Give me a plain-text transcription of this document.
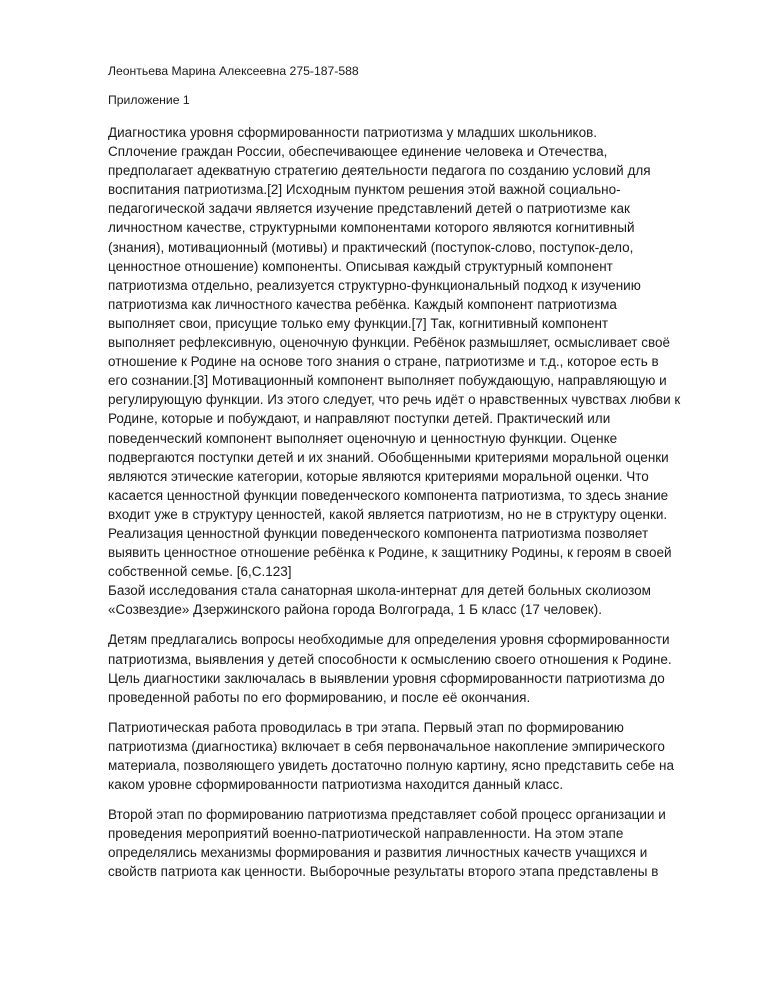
Леонтьева Марина Алексеевна 275-187-588

Приложение 1

Диагностика уровня сформированности патриотизма у младших школьников.
Сплочение граждан России, обеспечивающее единение человека и Отечества,
предполагает адекватную стратегию деятельности педагога по созданию условий для
воспитания патриотизма.[2] Исходным пунктом решения этой важной социально-
педагогической задачи является изучение представлений детей о патриотизме как
личностном качестве, структурными компонентами которого являются когнитивный
(знания), мотивационный (мотивы) и практический (поступок-слово, поступок-дело,
ценностное отношение) компоненты. Описывая каждый структурный компонент
патриотизма отдельно, реализуется структурно-функциональный подход к изучению
патриотизма как личностного качества ребёнка. Каждый компонент патриотизма
выполняет свои, присущие только ему функции.[7] Так, когнитивный компонент
выполняет рефлексивную, оценочную функции. Ребёнок размышляет, осмысливает своё
отношение к Родине на основе того знания о стране, патриотизме и т.д., которое есть в
его сознании.[3] Мотивационный компонент выполняет побуждающую, направляющую и
регулирующую функции. Из этого следует, что речь идёт о нравственных чувствах любви к
Родине, которые и побуждают, и направляют поступки детей. Практический или
поведенческий компонент выполняет оценочную и ценностную функции. Оценке
подвергаются поступки детей и их знаний. Обобщенными критериями моральной оценки
являются этические категории, которые являются критериями моральной оценки. Что
касается ценностной функции поведенческого компонента патриотизма, то здесь знание
входит уже в структуру ценностей, какой является патриотизм, но не в структуру оценки.
Реализация ценностной функции поведенческого компонента патриотизма позволяет
выявить ценностное отношение ребёнка к Родине, к защитнику Родины, к героям в своей
собственной семье. [6,С.123]
Базой исследования стала санаторная школа-интернат для детей больных сколиозом
«Созвездие» Дзержинского района города Волгограда, 1 Б класс (17 человек).

Детям предлагались вопросы необходимые для определения уровня сформированности
патриотизма, выявления у детей способности к осмыслению своего отношения к Родине.
Цель диагностики заключалась в выявлении уровня сформированности патриотизма до
проведенной работы по его формированию, и после её окончания.

Патриотическая работа проводилась в три этапа. Первый этап по формированию
патриотизма (диагностика) включает в себя первоначальное накопление эмпирического
материала, позволяющего увидеть достаточно полную картину, ясно представить себе на
каком уровне сформированности патриотизма находится данный класс.

Второй этап по формированию патриотизма представляет собой процесс организации и
проведения мероприятий военно-патриотической направленности. На этом этапе
определялись механизмы формирования и развития личностных качеств учащихся и
свойств патриота как ценности. Выборочные результаты второго этапа представлены в
